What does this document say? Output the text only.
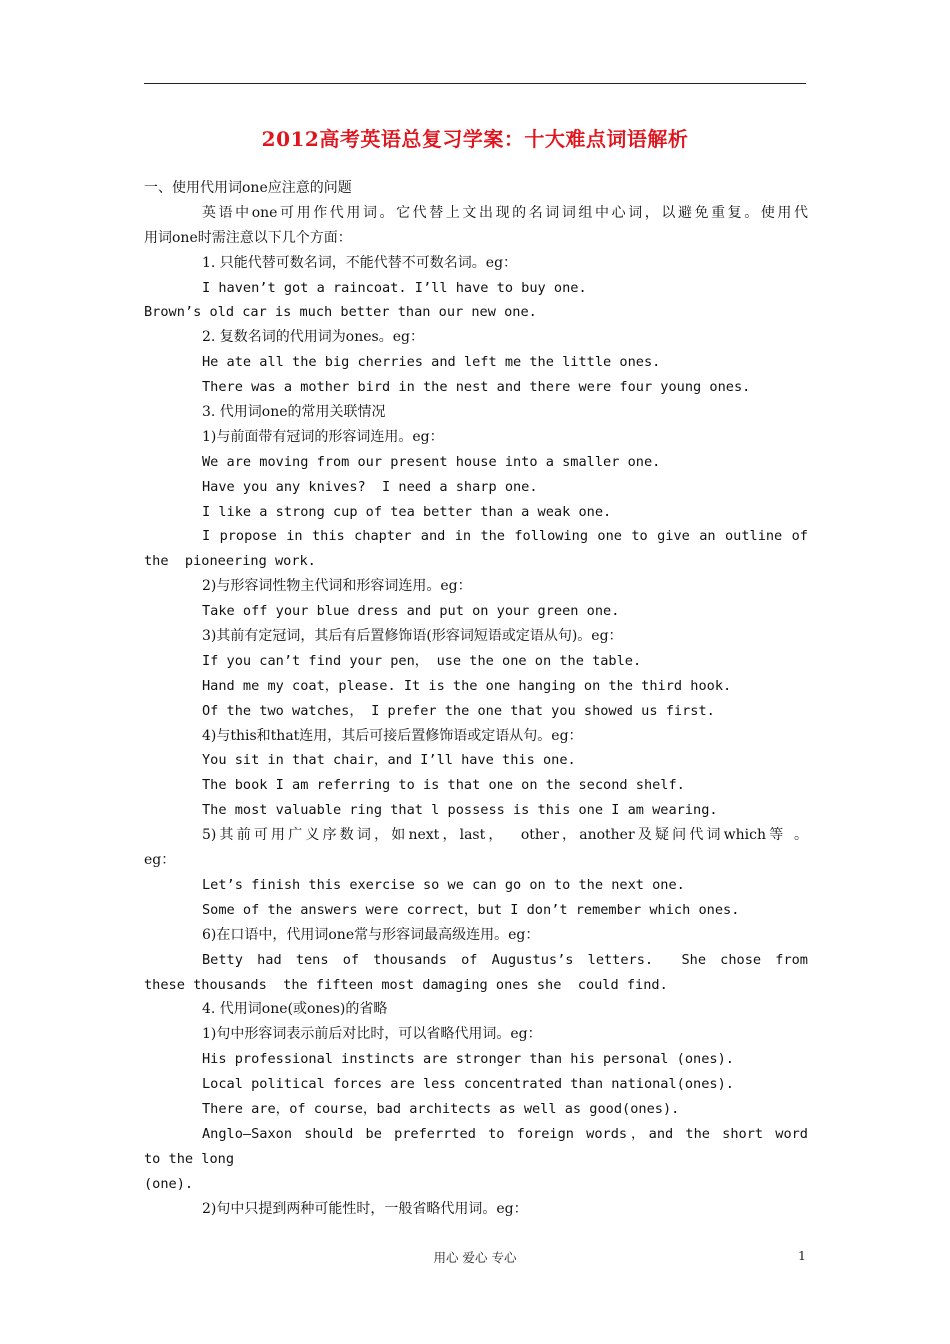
2012高考英语总复习学案：十大难点词语解析
一、使用代用词one应注意的问题
英语中one可用作代用词。它代替上文出现的名词词组中心词，以避免重复。使用代
用词one时需注意以下几个方面：
1. 只能代替可数名词，不能代替不可数名词。eg：
I haven’t got a raincoat. I’ll have to buy one.
Brown’s old car is much better than our new one.
2. 复数名词的代用词为ones。eg：
He ate all the big cherries and left me the little ones.
There was a mother bird in the nest and there were four young ones.
3. 代用词one的常用关联情况
1)与前面带有冠词的形容词连用。eg：
We are moving from our present house into a smaller one.
Have you any knives?  I need a sharp one.
I like a strong cup of tea better than a weak one.
I propose in this chapter and in the following one to give an outline of
the  pioneering work.
2)与形容词性物主代词和形容词连用。eg：
Take off your blue dress and put on your green one.
3)其前有定冠词，其后有后置修饰语(形容词短语或定语从句)。eg：
If you can’t find your pen， use the one on the table.
Hand me my coat，please. It is the one hanging on the third hook.
Of the two watches， I prefer the one that you showed us first.
4)与this和that连用，其后可接后置修饰语或定语从句。eg：
You sit in that chair，and I’ll have this one.
The book I am referring to is that one on the second shelf.
The most valuable ring that l possess is this one I am wearing.
5)其前可用广义序数词，如next，last，  other，another及疑问代词which等 。
eg：
Let’s finish this exercise so we can go on to the next one.
Some of the answers were correct，but I don’t remember which ones.
6)在口语中，代用词one常与形容词最高级连用。eg：
Betty had tens of thousands of Augustus’s letters.  She chose from
these thousands  the fifteen most damaging ones she  could find.
4. 代用词one(或ones)的省略
1)句中形容词表示前后对比时，可以省略代用词。eg：
His professional instincts are stronger than his personal (ones).
Local political forces are less concentrated than national(ones).
There are，of course，bad architects as well as good(ones).
Anglo—Saxon should be preferrted to foreign words，and the short word
to the long
(one).
2)句中只提到两种可能性时，一般省略代用词。eg：
用心 爱心 专心	1
